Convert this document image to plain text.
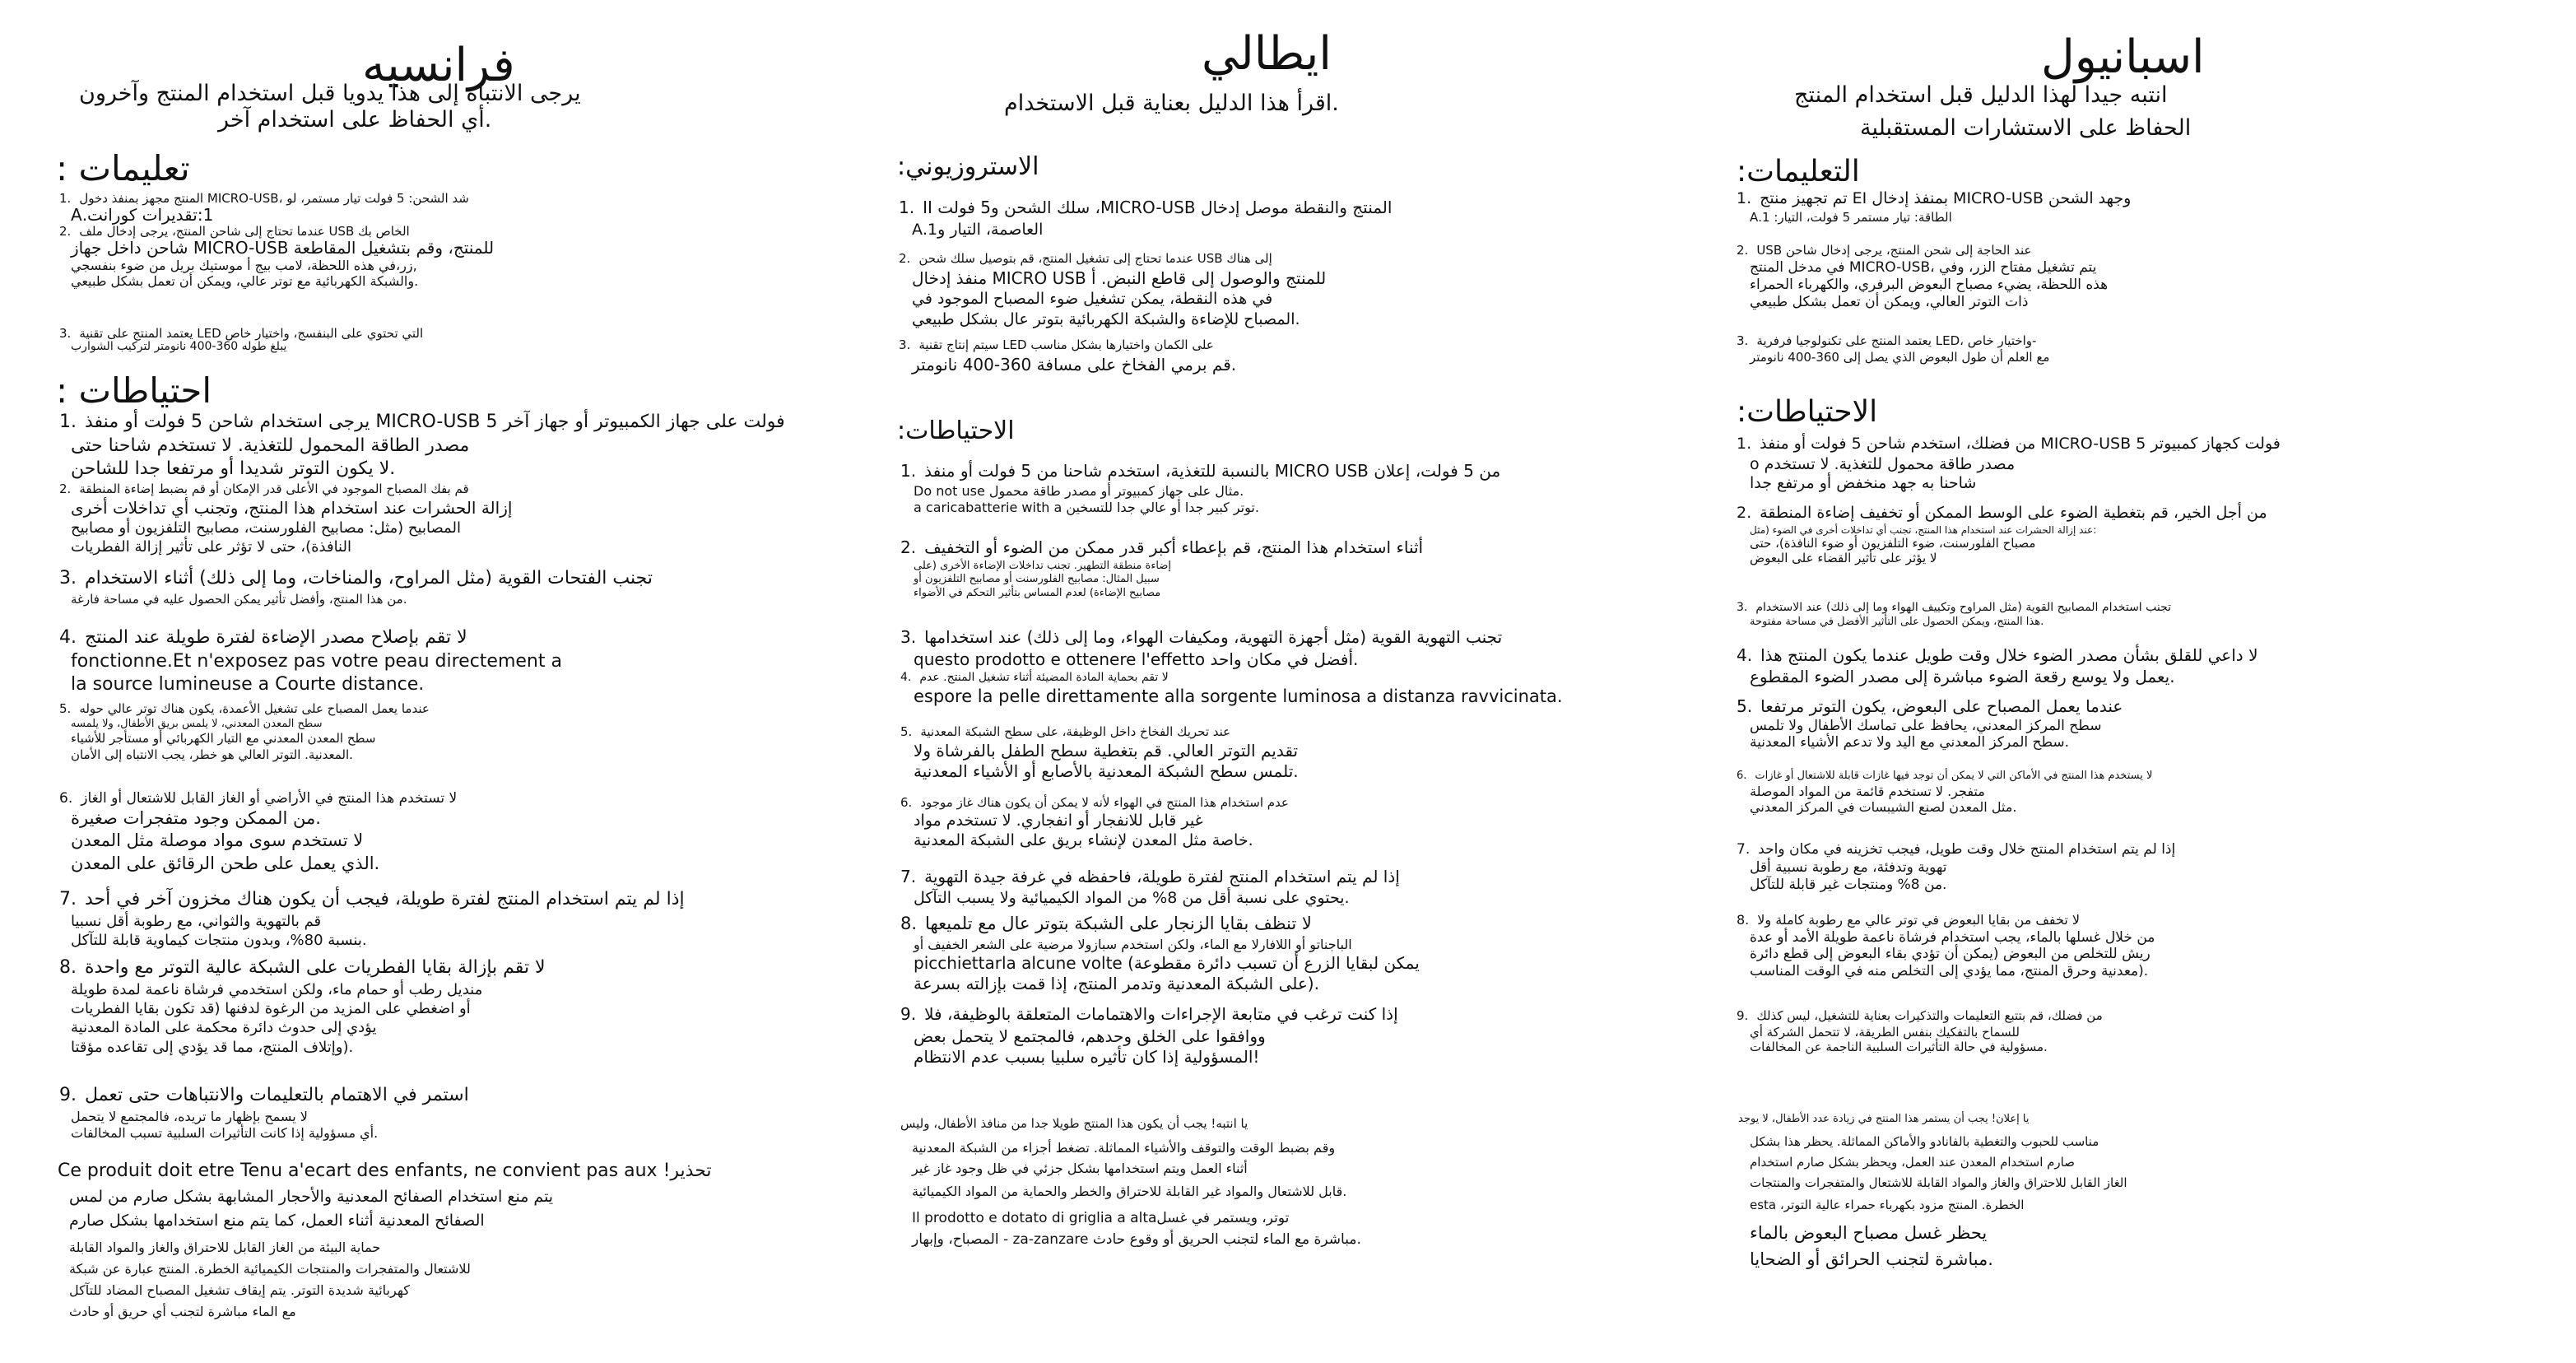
فرانسيه
يرجى الانتباه إلى هذا يدويا قبل استخدام المنتج وآخرون
.أي الحفاظ على استخدام آخر
تعليمات :
1. شد الشحن: 5 فولت تيار مستمر، لو ،MICRO-USB المنتج مجهز بمنفذ دخول
1:تقديرات كورانت.A
2. الخاص بك USB عندما تحتاج إلى شاحن المنتج، يرجى إدخال ملف
للمنتج، وقم بتشغيل المقاطعة MICRO-USB شاحن داخل جهاز
,زر،في هذه اللحظة، لامب بيج أ موستيك بريل من ضوء بنفسجي
.والشبكة الكهربائية مع توتر عالي، ويمكن أن تعمل بشكل طبيعي
3. التي تحتوي على البنفسج، واختيار خاص LED يعتمد المنتج على تقنية
يبلغ طوله 360-400 نانومتر لتركيب الشوارب
احتياطات :
1. فولت على جهاز الكمبيوتر أو جهاز آخر MICRO-USB 5 يرجى استخدام شاحن 5 فولت أو منفذ
مصدر الطاقة المحمول للتغذية. لا تستخدم شاحنا حتى
.لا يكون التوتر شديدا أو مرتفعا جدا للشاحن
2. قم بفك المصباح الموجود في الأعلى قدر الإمكان أو قم بضبط إضاءة المنطقة
إزالة الحشرات عند استخدام هذا المنتج، وتجنب أي تداخلات أخرى
المصابيح (مثل: مصابيح الفلورسنت، مصابيح التلفزيون أو مصابيح
النافذة)، حتى لا تؤثر على تأثير إزالة الفطريات
3. تجنب الفتحات القوية (مثل المراوح، والمناخات، وما إلى ذلك) أثناء الاستخدام
.من هذا المنتج، وأفضل تأثير يمكن الحصول عليه في مساحة فارغة
4. لا تقم بإصلاح مصدر الإضاءة لفترة طويلة عند المنتج
fonctionne.Et n'exposez pas votre peau directement a
la source lumineuse a Courte distance.
5. عندما يعمل المصباح على تشغيل الأعمدة، يكون هناك توتر عالي حوله
سطح المعدن المعدني، لا يلمس بريق الأطفال، ولا يلمسه
سطح المعدن المعدني مع التيار الكهربائي أو مستأجر للأشياء
.المعدنية. التوتر العالي هو خطر، يجب الانتباه إلى الأمان
6. لا تستخدم هذا المنتج في الأراضي أو الغاز القابل للاشتعال أو الغاز
.من الممكن وجود متفجرات صغيرة
لا تستخدم سوى مواد موصلة مثل المعدن
.الذي يعمل على طحن الرقائق على المعدن
7. إذا لم يتم استخدام المنتج لفترة طويلة، فيجب أن يكون هناك مخزون آخر في أحد
قم بالتهوية والثواني، مع رطوبة أقل نسبيا
.بنسبة 80%، وبدون منتجات كيماوية قابلة للتآكل
8. لا تقم بإزالة بقايا الفطريات على الشبكة عالية التوتر مع واحدة
منديل رطب أو حمام ماء، ولكن استخدمي فرشاة ناعمة لمدة طويلة
أو اضغطي على المزيد من الرغوة لدفنها (قد تكون بقايا الفطريات
يؤدي إلى حدوث دائرة محكمة على المادة المعدنية
.(وإتلاف المنتج، مما قد يؤدي إلى تقاعده مؤقتا
9. استمر في الاهتمام بالتعليمات والانتباهات حتى تعمل
لا يسمح بإظهار ما تريده، فالمجتمع لا يتحمل
.أي مسؤولية إذا كانت التأثيرات السلبية تسبب المخالفات
تحذير! Ce produit doit etre Tenu a'ecart des enfants, ne convient pas aux
يتم منع استخدام الصفائح المعدنية والأحجار المشابهة بشكل صارم من لمس
الصفائح المعدنية أثناء العمل، كما يتم منع استخدامها بشكل صارم
حماية البيئة من الغاز القابل للاحتراق والغاز والمواد القابلة
للاشتعال والمتفجرات والمنتجات الكيميائية الخطرة. المنتج عبارة عن شبكة
كهربائية شديدة التوتر. يتم إيقاف تشغيل المصباح المضاد للتآكل
مع الماء مباشرة لتجنب أي حريق أو حادث
ايطالي
.اقرأ هذا الدليل بعناية قبل الاستخدام
الاستروزيوني:
1. II سلك الشحن و5 فولت ،MICRO-USB المنتج والنقطة موصل إدخال
العاصمة، التيار و1.A
2. إلى هناك USB عندما تحتاج إلى تشغيل المنتج، قم بتوصيل سلك شحن
للمنتج والوصول إلى قاطع النبض. أ MICRO USB منفذ إدخال
في هذه النقطة، يمكن تشغيل ضوء المصباح الموجود في
.المصباح للإضاءة والشبكة الكهربائية بتوتر عال بشكل طبيعي
3. على الكمان واختيارها بشكل مناسب LED سيتم إنتاج تقنية
.قم برمي الفخاخ على مسافة 360-400 نانومتر
الاحتياطات:
1. من 5 فولت، إعلان MICRO USB بالنسبة للتغذية، استخدم شاحنا من 5 فولت أو منفذ
.مثال على جهاز كمبيوتر أو مصدر طاقة محمول Do not use
.توتر كبير جدا أو عالي جدا للتسخين a caricabatterie with a
2. أثناء استخدام هذا المنتج، قم بإعطاء أكبر قدر ممكن من الضوء أو التخفيف
إضاءة منطقة التطهير. تجنب تداخلات الإضاءة الأخرى (على
سبيل المثال: مصابيح الفلورسنت أو مصابيح التلفزيون أو
مصابيح الإضاءة) لعدم المساس بتأثير التحكم في الأضواء
3. تجنب التهوية القوية (مثل أجهزة التهوية، ومكيفات الهواء، وما إلى ذلك) عند استخدامها
.أفضل في مكان واحد questo prodotto e ottenere l'effetto
4. لا تقم بحماية المادة المضيئة أثناء تشغيل المنتج. عدم
espore la pelle direttamente alla sorgente luminosa a distanza ravvicinata.
5. عند تحريك الفخاخ داخل الوظيفة، على سطح الشبكة المعدنية
تقديم التوتر العالي. قم بتغطية سطح الطفل بالفرشاة ولا
.تلمس سطح الشبكة المعدنية بالأصابع أو الأشياء المعدنية
6. عدم استخدام هذا المنتج في الهواء لأنه لا يمكن أن يكون هناك غاز موجود
غير قابل للانفجار أو انفجاري. لا تستخدم مواد
.خاصة مثل المعدن لإنشاء بريق على الشبكة المعدنية
7. إذا لم يتم استخدام المنتج لفترة طويلة، فاحفظه في غرفة جيدة التهوية
.يحتوي على نسبة أقل من 8% من المواد الكيميائية ولا يسبب التآكل
8. لا تنظف بقايا الزنجار على الشبكة بتوتر عال مع تلميعها
الباجناتو أو اللافارلا مع الماء، ولكن استخدم سبازولا مرضية على الشعر الخفيف أو
يمكن لبقايا الزرع أن تسبب دائرة مقطوعة) picchiettarla alcune volte
.(على الشبكة المعدنية وتدمر المنتج، إذا قمت بإزالته بسرعة
9. إذا كنت ترغب في متابعة الإجراءات والاهتمامات المتعلقة بالوظيفة، فلا
ووافقوا على الخلق وحدهم، فالمجتمع لا يتحمل بعض
!المسؤولية إذا كان تأثيره سلبيا بسبب عدم الانتظام
يا انتبه! يجب أن يكون هذا المنتج طويلا جدا من منافذ الأطفال، وليس
وقم بضبط الوقت والتوقف والأشياء المماثلة. تضغط أجزاء من الشبكة المعدنية
أثناء العمل ويتم استخدامها بشكل جزئي في ظل وجود غاز غير
.قابل للاشتعال والمواد غير القابلة للاحتراق والخطر والحماية من المواد الكيميائية
Il prodotto e dotato di griglia a altaتوتر، ويستمر في غسل
.مباشرة مع الماء لتجنب الحريق أو وقوع حادث za-zanzare - المصباح، وإبهار
اسبانيول
انتبه جيدا لهذا الدليل قبل استخدام المنتج
الحفاظ على الاستشارات المستقبلية
التعليمات:
1. وجهد الشحن MICRO-USB بمنفذ إدخال EI تم تجهيز منتج
الطاقة: تيار مستمر 5 فولت، التيار: 1.A
2. USB عند الحاجة إلى شحن المنتج، يرجى إدخال شاحن
يتم تشغيل مفتاح الزر، وفي ،MICRO-USB في مدخل المنتج
هذه اللحظة، يضيء مصباح البعوض البرفري، والكهرباء الحمراء
ذات التوتر العالي، ويمكن أن تعمل بشكل طبيعي
3. -واختيار خاص ،LED يعتمد المنتج على تكنولوجيا فرفرية
مع العلم أن طول البعوض الذي يصل إلى 360-400 نانومتر
الاحتياطات:
1. فولت كجهاز كمبيوتر MICRO-USB 5 من فضلك، استخدم شاحن 5 فولت أو منفذ
مصدر طاقة محمول للتغذية. لا تستخدم o
شاحنا به جهد منخفض أو مرتفع جدا
2. من أجل الخير، قم بتغطية الضوء على الوسط الممكن أو تخفيف إضاءة المنطقة
:عند إزالة الحشرات عند استخدام هذا المنتج، تجنب أي تداخلات أخرى في الضوء (مثل
مصباح الفلورسنت، ضوء التلفزيون أو ضوء النافذة)، حتى
لا يؤثر على تأثير القضاء على البعوض
3. تجنب استخدام المصابيح القوية (مثل المراوح وتكييف الهواء وما إلى ذلك) عند الاستخدام
.هذا المنتج، ويمكن الحصول على التأثير الأفضل في مساحة مفتوحة
4. لا داعي للقلق بشأن مصدر الضوء خلال وقت طويل عندما يكون المنتج هذا
.يعمل ولا يوسع رقعة الضوء مباشرة إلى مصدر الضوء المقطوع
5. عندما يعمل المصباح على البعوض، يكون التوتر مرتفعا
سطح المركز المعدني، يحافظ على تماسك الأطفال ولا تلمس
.سطح المركز المعدني مع اليد ولا تدعم الأشياء المعدنية
6. لا يستخدم هذا المنتج في الأماكن التي لا يمكن أن توجد فيها غازات قابلة للاشتعال أو غازات
متفجر. لا تستخدم قائمة من المواد الموصلة
.مثل المعدن لصنع الشيبسات في المركز المعدني
7. إذا لم يتم استخدام المنتج خلال وقت طويل، فيجب تخزينه في مكان واحد
تهوية وتدفئة، مع رطوبة نسبية أقل
.من 8% ومنتجات غير قابلة للتآكل
8. لا تخفف من بقايا البعوض في توتر عالي مع رطوبة كاملة ولا
من خلال غسلها بالماء، يجب استخدام فرشاة ناعمة طويلة الأمد أو عدة
ريش للتخلص من البعوض (يمكن أن تؤدي بقاء البعوض إلى قطع دائرة
.(معدنية وحرق المنتج، مما يؤدي إلى التخلص منه في الوقت المناسب
9. من فضلك، قم بتتبع التعليمات والتذكيرات بعناية للتشغيل، ليس كذلك
للسماح بالتفكيك بنفس الطريقة، لا تتحمل الشركة أي
.مسؤولية في حالة التأثيرات السلبية الناجمة عن المخالفات
يا إعلان! يجب أن يستمر هذا المنتج في زيادة عدد الأطفال، لا يوجد
مناسب للحبوب والتغطية بالفانادو والأماكن المماثلة. يحظر هذا بشكل
صارم استخدام المعدن عند العمل، ويحظر بشكل صارم استخدام
الغاز القابل للاحتراق والغاز والمواد القابلة للاشتعال والمتفجرات والمنتجات
esta ،الخطرة. المنتج مزود بكهرباء حمراء عالية التوتر
يحظر غسل مصباح البعوض بالماء
.مباشرة لتجنب الحرائق أو الضحايا
